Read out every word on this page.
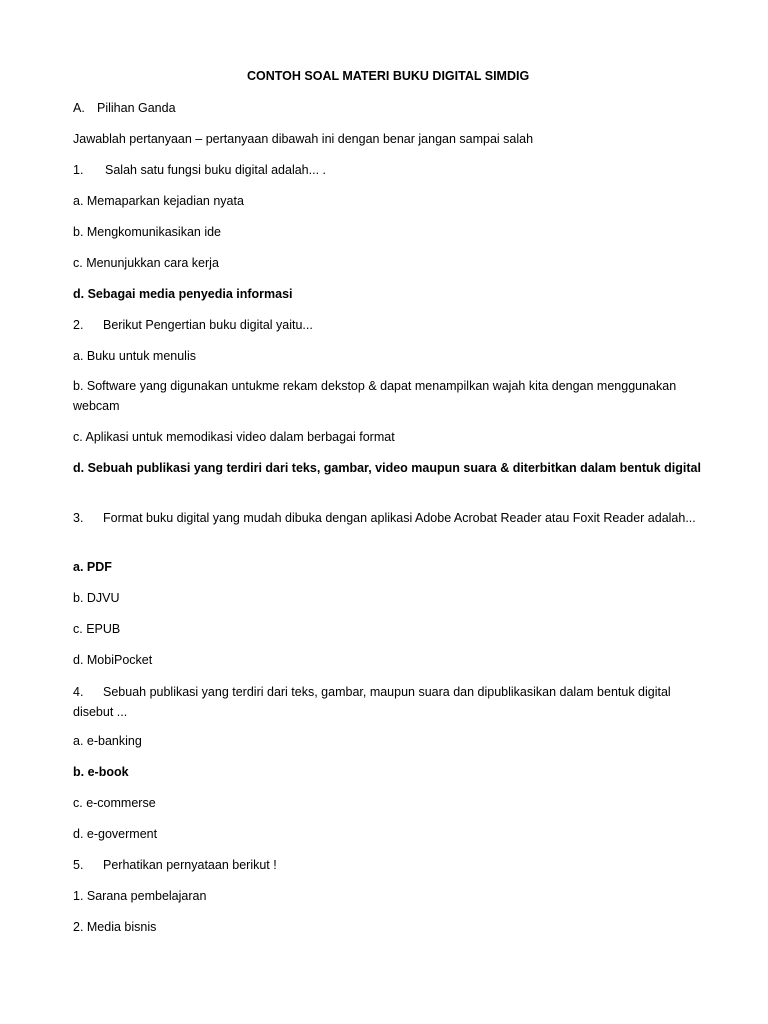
CONTOH SOAL MATERI BUKU DIGITAL SIMDIG

A. Pilihan Ganda

Jawablah pertanyaan – pertanyaan dibawah ini dengan benar jangan sampai salah

1. Salah satu fungsi buku digital adalah... .

a. Memaparkan kejadian nyata

b. Mengkomunikasikan ide

c. Menunjukkan cara kerja

d. Sebagai media penyedia informasi

2. Berikut Pengertian buku digital yaitu...

a. Buku untuk menulis

b. Software yang digunakan untukme rekam dekstop & dapat menampilkan wajah kita dengan menggunakan webcam

c. Aplikasi untuk memodikasi video dalam berbagai format

d. Sebuah publikasi yang terdiri dari teks, gambar, video maupun suara & diterbitkan dalam bentuk digital

3. Format buku digital yang mudah dibuka dengan aplikasi Adobe Acrobat Reader atau Foxit Reader adalah...

a. PDF

b. DJVU

c. EPUB

d. MobiPocket

4. Sebuah publikasi yang terdiri dari teks, gambar, maupun suara dan dipublikasikan dalam bentuk digital disebut ...

a. e-banking

b. e-book

c. e-commerse

d. e-goverment

5. Perhatikan pernyataan berikut !

1. Sarana pembelajaran

2. Media bisnis
